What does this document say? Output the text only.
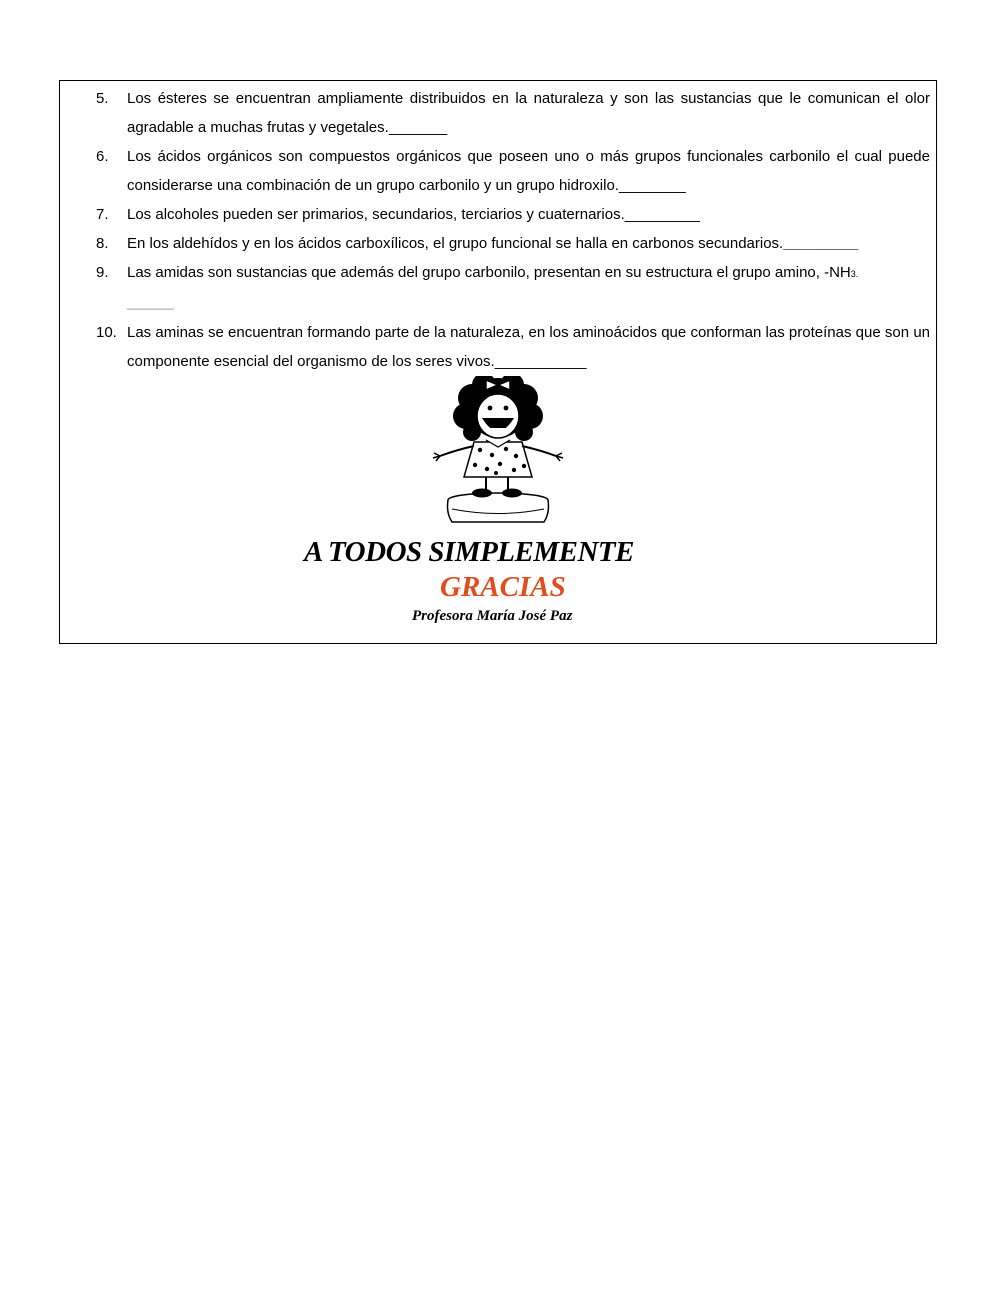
5. Los ésteres se encuentran ampliamente distribuidos en la naturaleza y son las sustancias que le comunican el olor agradable a muchas frutas y vegetales._______
6. Los ácidos orgánicos son compuestos orgánicos que poseen uno o más grupos funcionales carbonilo el cual puede considerarse una combinación de un grupo carbonilo y un grupo hidroxilo.________
7. Los alcoholes pueden ser primarios, secundarios, terciarios y cuaternarios._________
8. En los aldehídos y en los ácidos carboxílicos, el grupo funcional se halla en carbonos secundarios._________
9. Las amidas son sustancias que además del grupo carbonilo, presentan en su estructura el grupo amino, -NH3.
_______
10. Las aminas se encuentran formando parte de la naturaleza, en los aminoácidos que conforman las proteínas que son un componente esencial del organismo de los seres vivos.___________
A TODOS SIMPLEMENTE
GRACIAS
Profesora María José Paz
